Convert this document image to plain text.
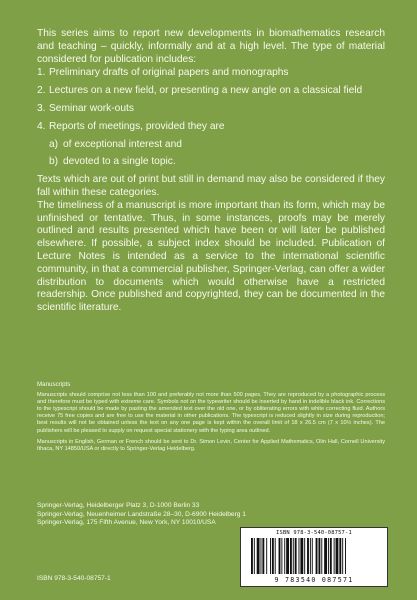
This series aims to report new developments in biomathematics research and teaching – quickly, informally and at a high level. The type of material considered for publication includes:

1. Preliminary drafts of original papers and monographs
2. Lectures on a new field, or presenting a new angle on a classical field
3. Seminar work-outs
4. Reports of meetings, provided they are
a) of exceptional interest and
b) devoted to a single topic.

Texts which are out of print but still in demand may also be considered if they fall within these categories.

The timeliness of a manuscript is more important than its form, which may be unfinished or tentative. Thus, in some instances, proofs may be merely outlined and results presented which have been or will later be published elsewhere. If possible, a subject index should be included. Publication of Lecture Notes is intended as a service to the international scientific community, in that a commercial publisher, Springer-Verlag, can offer a wider distribution to documents which would otherwise have a restricted readership. Once published and copyrighted, they can be documented in the scientific literature.

Manuscripts
Manuscripts should comprise not less than 100 and preferably not more than 500 pages. They are reproduced by a photographic process and therefore must be typed with extreme care. Symbols not on the typewriter should be inserted by hand in indelible black ink. Corrections to the typescript should be made by pasting the amended text over the old one, or by obliterating errors with white correcting fluid. Authors receive 75 free copies and are free to use the material in other publications. The typescript is reduced slightly in size during reproduction; best results will not be obtained unless the text on any one page is kept within the overall limit of 18 x 26.5 cm (7 x 10½ inches). The publishers will be pleased to supply on request special stationery with the typing area outlined.
Manuscripts in English, German or French should be sent to Dr. Simon Levin, Center for Applied Mathematics, Olin Hall, Cornell University Ithaca, NY 14850/USA or directly to Springer-Verlag Heidelberg.
Springer-Verlag, Heidelberger Platz 3, D-1000 Berlin 33
Springer-Verlag, Neuenheimer Landstraße 28–30, D-6900 Heidelberg 1
Springer-Verlag, 175 Fifth Avenue, New York, NY 10010/USA
ISBN 978-3-540-08757-1
ISBN 978-3-540-08757-1
9 783540 087571
